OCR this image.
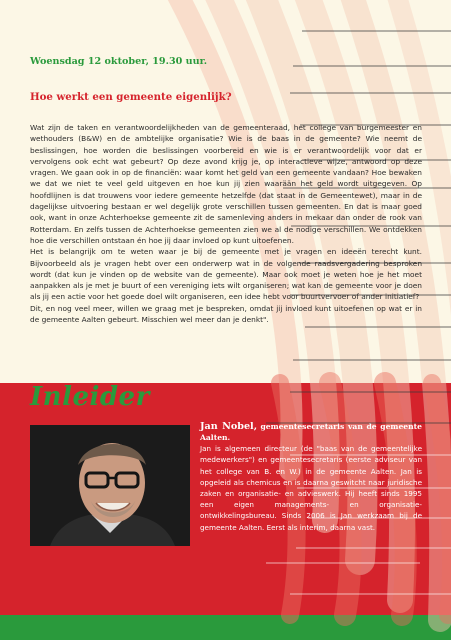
Woensdag 12 oktober, 19.30 uur.
Hoe werkt een gemeente eigenlijk?

Wat zijn de taken en verantwoordelijkheden van de gemeenteraad, het college van burgemeester en wethouders (B&W) en de ambtelijke organisatie? Wie is de baas in de gemeente? Wie neemt de beslissingen, hoe worden die beslissingen voorbereid en wie is er verantwoordelijk voor dat er vervolgens ook echt wat gebeurt? Op deze avond krijg je, op interactieve wijze, antwoord op deze vragen. We gaan ook in op de financiën: waar komt het geld van een gemeente vandaan? Hoe bewaken we dat we niet te veel geld uitgeven en hoe kun jij zien waarään het geld wordt uitgegeven. Op hoofdlijnen is dat trouwens voor iedere gemeente hetzelfde (dat staat in de Gemeentewet), maar in de dagelijkse uitvoering bestaan er wel degelijk grote verschillen tussen gemeenten. En dat is maar goed ook, want in onze Achterhoekse gemeente zit de samenleving anders in mekaar dan onder de rook van Rotterdam. En zelfs tussen de Achterhoekse gemeenten zien we al de nodige verschillen. We ontdekken hoe die verschillen ontstaan én hoe jij daar invloed op kunt uitoefenen.

Het is belangrijk om te weten waar je bij de gemeente met je vragen en ideeën terecht kunt. Bijvoorbeeld als je vragen hebt over een onderwerp wat in de volgende raadsvergadering besproken wordt (dat kun je vinden op de website van de gemeente). Maar ook moet je weten hoe je het moet aanpakken als je met je buurt of een vereniging iets wilt organiseren; wat kan de gemeente voor je doen als jij een actie voor het goede doel wilt organiseren, een idee hebt voor buurtvervoer of ander initiatief?

Dit, en nog veel meer, willen we graag met je bespreken, omdat jij invloed kunt uitoefenen op wat er in de gemeente Aalten gebeurt. Misschien wel meer dan je denkt".

Inleider

Jan Nobel, gemeentesecretaris van de gemeente Aalten.

Jan is algemeen directeur (de "baas van de gemeentelijke medewerkers") en gemeentesecretaris (eerste adviseur van het college van B. en W.) in de gemeente Aalten. Jan is opgeleid als chemicus en is daarna geswitcht naar juridische zaken en organisatie- en advieswerk. Hij heeft sinds 1995 een eigen managements- en organisatie-ontwikkelingsbureau. Sinds 2006 is Jan werkzaam bij de gemeente Aalten. Eerst als interim, daarna vast.
